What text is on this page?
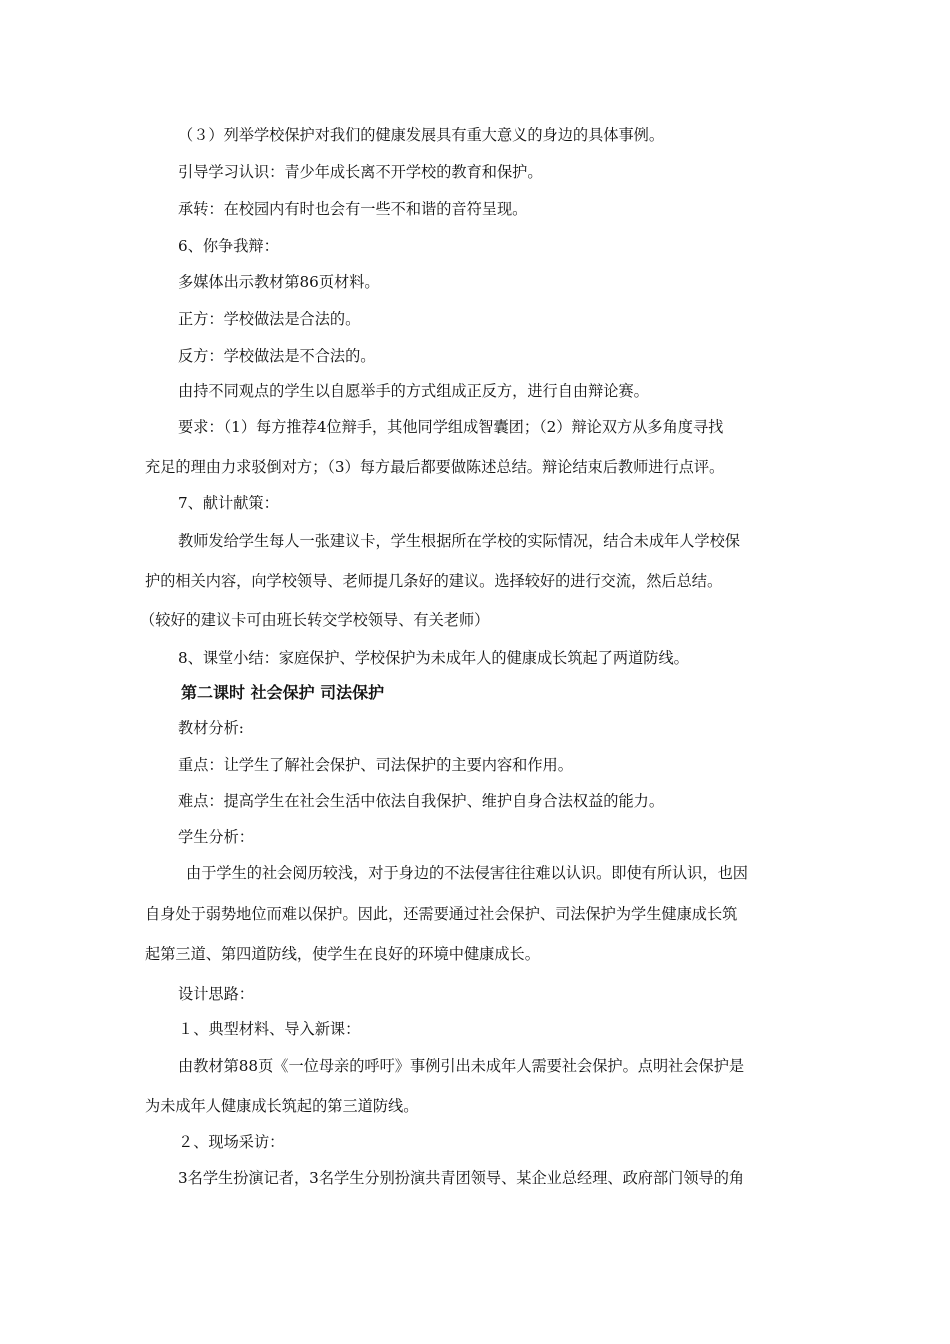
（３）列举学校保护对我们的健康发展具有重大意义的身边的具体事例。
引导学习认识：青少年成长离不开学校的教育和保护。
承转：在校园内有时也会有一些不和谐的音符呈现。
6、你争我辩：
多媒体出示教材第86页材料。
正方：学校做法是合法的。
反方：学校做法是不合法的。
由持不同观点的学生以自愿举手的方式组成正反方，进行自由辩论赛。
要求：（1）每方推荐4位辩手，其他同学组成智囊团；（2）辩论双方从多角度寻找
充足的理由力求驳倒对方；（3）每方最后都要做陈述总结。辩论结束后教师进行点评。
7、献计献策：
教师发给学生每人一张建议卡，学生根据所在学校的实际情况，结合未成年人学校保
护的相关内容，向学校领导、老师提几条好的建议。选择较好的进行交流，然后总结。
（较好的建议卡可由班长转交学校领导、有关老师）
8、课堂小结：家庭保护、学校保护为未成年人的健康成长筑起了两道防线。
第二课时 社会保护 司法保护
教材分析:
重点：让学生了解社会保护、司法保护的主要内容和作用。
难点：提高学生在社会生活中依法自我保护、维护自身合法权益的能力。
学生分析：
由于学生的社会阅历较浅，对于身边的不法侵害往往难以认识。即使有所认识，也因
自身处于弱势地位而难以保护。因此，还需要通过社会保护、司法保护为学生健康成长筑
起第三道、第四道防线，使学生在良好的环境中健康成长。
设计思路：
１、典型材料、导入新课：
由教材第88页《一位母亲的呼吁》事例引出未成年人需要社会保护。点明社会保护是
为未成年人健康成长筑起的第三道防线。
２、现场采访：
3名学生扮演记者，3名学生分别扮演共青团领导、某企业总经理、政府部门领导的角
